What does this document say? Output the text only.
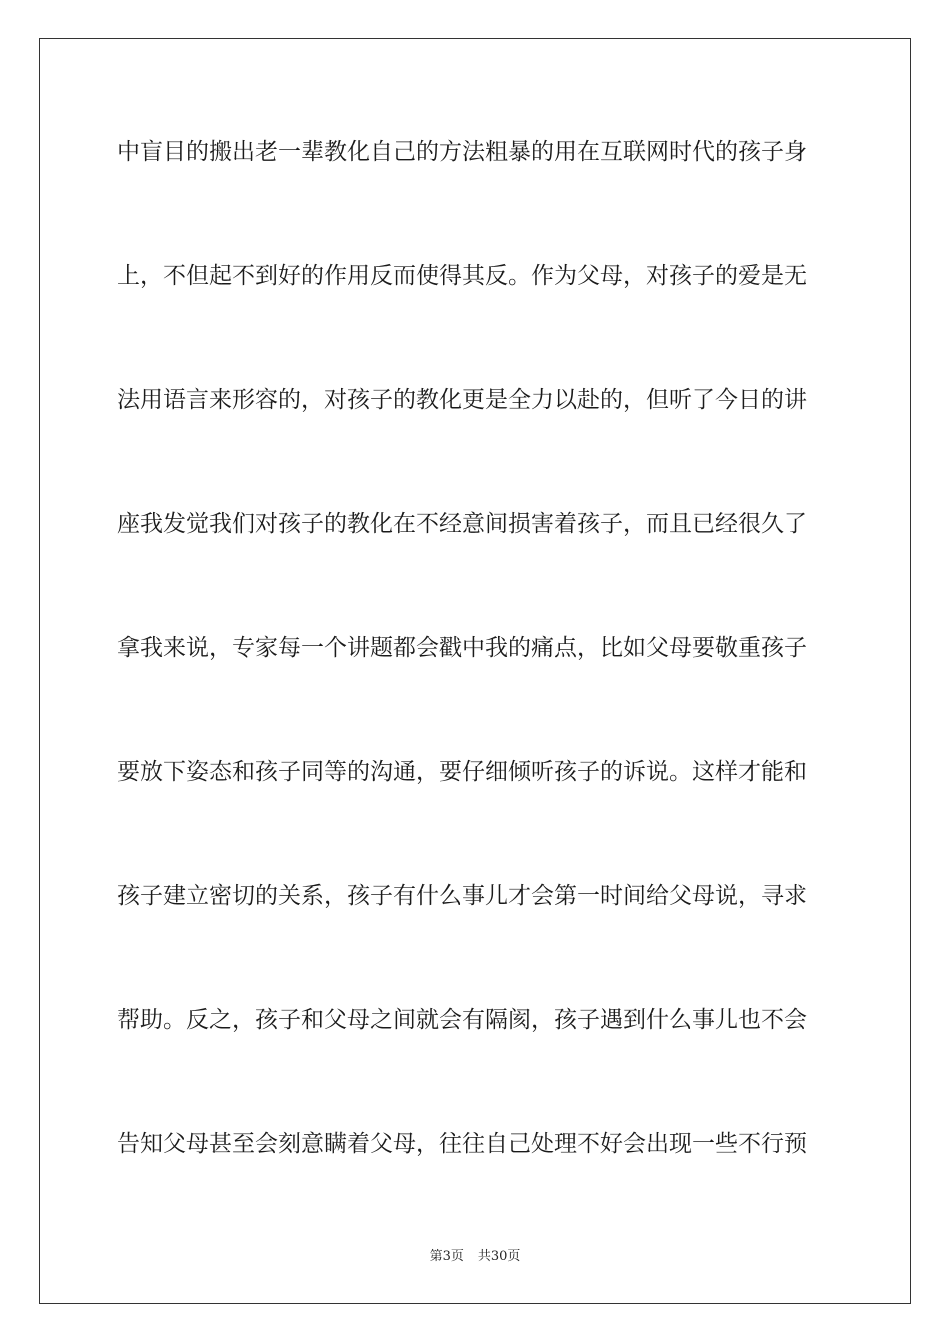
中盲目的搬出老一辈教化自己的方法粗暴的用在互联网时代的孩子身
上，不但起不到好的作用反而使得其反。作为父母，对孩子的爱是无
法用语言来形容的，对孩子的教化更是全力以赴的，但听了今日的讲
座我发觉我们对孩子的教化在不经意间损害着孩子，而且已经很久了
拿我来说，专家每一个讲题都会戳中我的痛点，比如父母要敬重孩子
要放下姿态和孩子同等的沟通，要仔细倾听孩子的诉说。这样才能和
孩子建立密切的关系，孩子有什么事儿才会第一时间给父母说，寻求
帮助。反之，孩子和父母之间就会有隔阂，孩子遇到什么事儿也不会
告知父母甚至会刻意瞒着父母，往往自己处理不好会出现一些不行预
第3页 共30页
